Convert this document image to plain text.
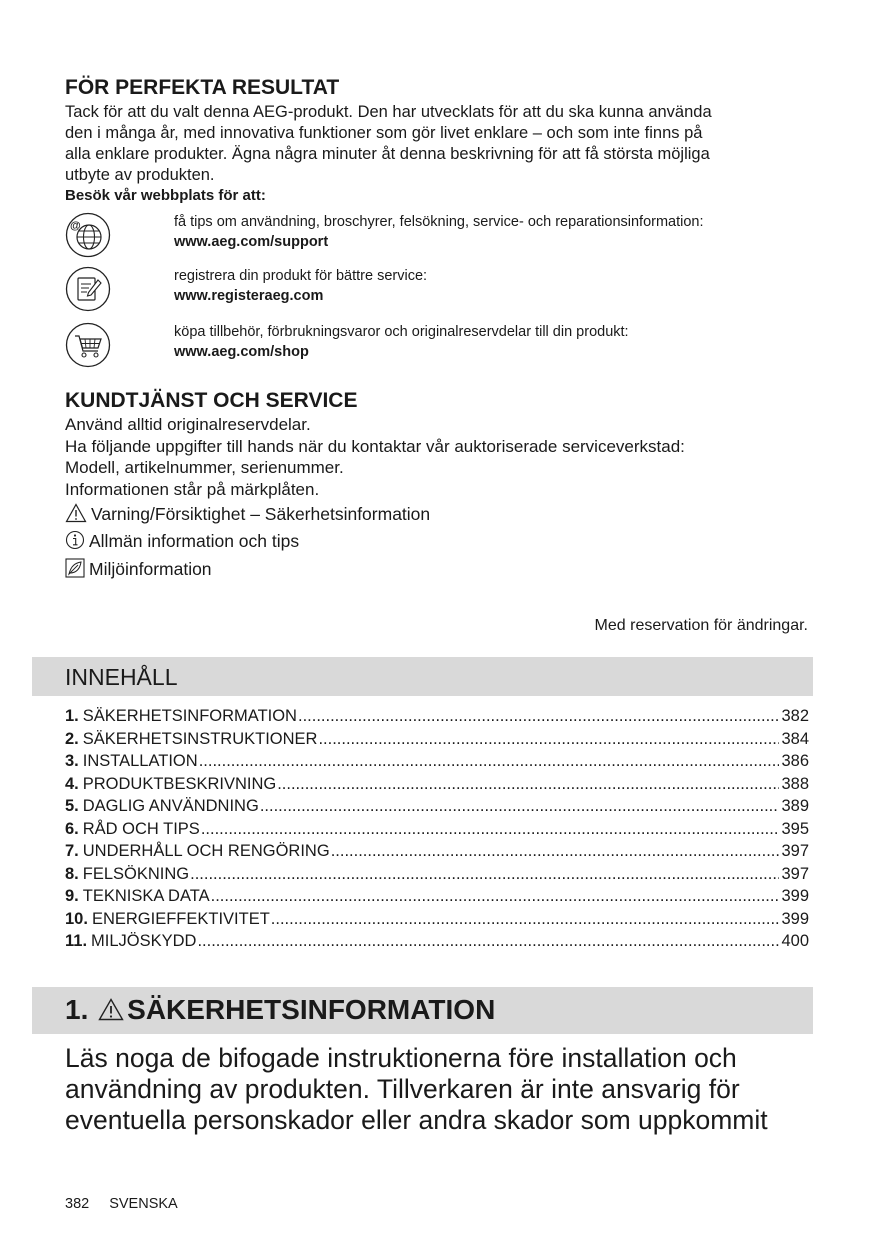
FÖR PERFEKTA RESULTAT
Tack för att du valt denna AEG-produkt. Den har utvecklats för att du ska kunna använda
den i många år, med innovativa funktioner som gör livet enklare – och som inte finns på
alla enklare produkter. Ägna några minuter åt denna beskrivning för att få största möjliga
utbyte av produkten.
Besök vår webbplats för att:
@	få tips om användning, broschyrer, felsökning, service- och reparationsinformation:
www.aeg.com/support
registrera din produkt för bättre service:
www.registeraeg.com
köpa tillbehör, förbrukningsvaror och originalreservdelar till din produkt:
www.aeg.com/shop
KUNDTJÄNST OCH SERVICE
Använd alltid originalreservdelar.
Ha följande uppgifter till hands när du kontaktar vår auktoriserade serviceverkstad:
Modell, artikelnummer, serienummer.
Informationen står på märkplåten.
Varning/Försiktighet – Säkerhetsinformation
Allmän information och tips
Miljöinformation
Med reservation för ändringar.
INNEHÅLL
1. SÄKERHETSINFORMATION .....	382
2. SÄKERHETSINSTRUKTIONER .....	384
3. INSTALLATION .....	386
4. PRODUKTBESKRIVNING .....	388
5. DAGLIG ANVÄNDNING .....	389
6. RÅD OCH TIPS .....	395
7. UNDERHÅLL OCH RENGÖRING .....	397
8. FELSÖKNING .....	397
9. TEKNISKA DATA .....	399
10. ENERGIEFFEKTIVITET .....	399
11. MILJÖSKYDD .....	400
1. SÄKERHETSINFORMATION
Läs noga de bifogade instruktionerna före installation och
användning av produkten. Tillverkaren är inte ansvarig för
eventuella personskador eller andra skador som uppkommit
382 SVENSKA
